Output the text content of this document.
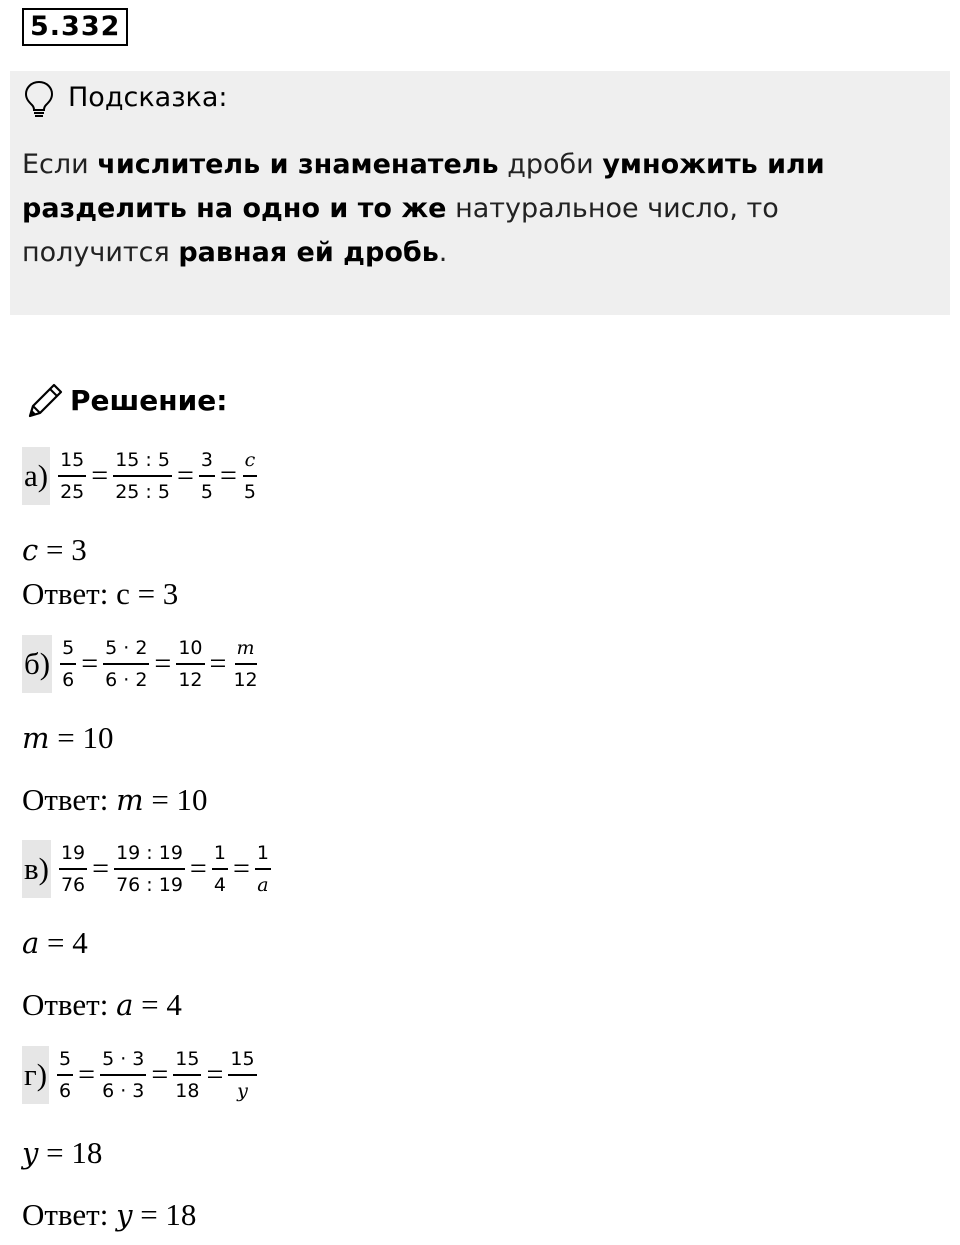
5.332
Подсказка:
Если числитель и знаменатель дроби умножить или разделить на одно и то же натуральное число, то получится равная ей дробь.
Решение:
$а) \frac{15}{25} = \frac{15 : 5}{25 : 5} = \frac{3}{5} = \frac{c}{5}$
c = 3
Ответ: c = 3
$б) \frac{5}{6} = \frac{5 \cdot 2}{6 \cdot 2} = \frac{10}{12} = \frac{m}{12}$
m = 10
Ответ: m = 10
$в) \frac{19}{76} = \frac{19 : 19}{76 : 19} = \frac{1}{4} = \frac{1}{a}$
a = 4
Ответ: a = 4
$г) \frac{5}{6} = \frac{5 \cdot 3}{6 \cdot 3} = \frac{15}{18} = \frac{15}{y}$
y = 18
Ответ: y = 18
